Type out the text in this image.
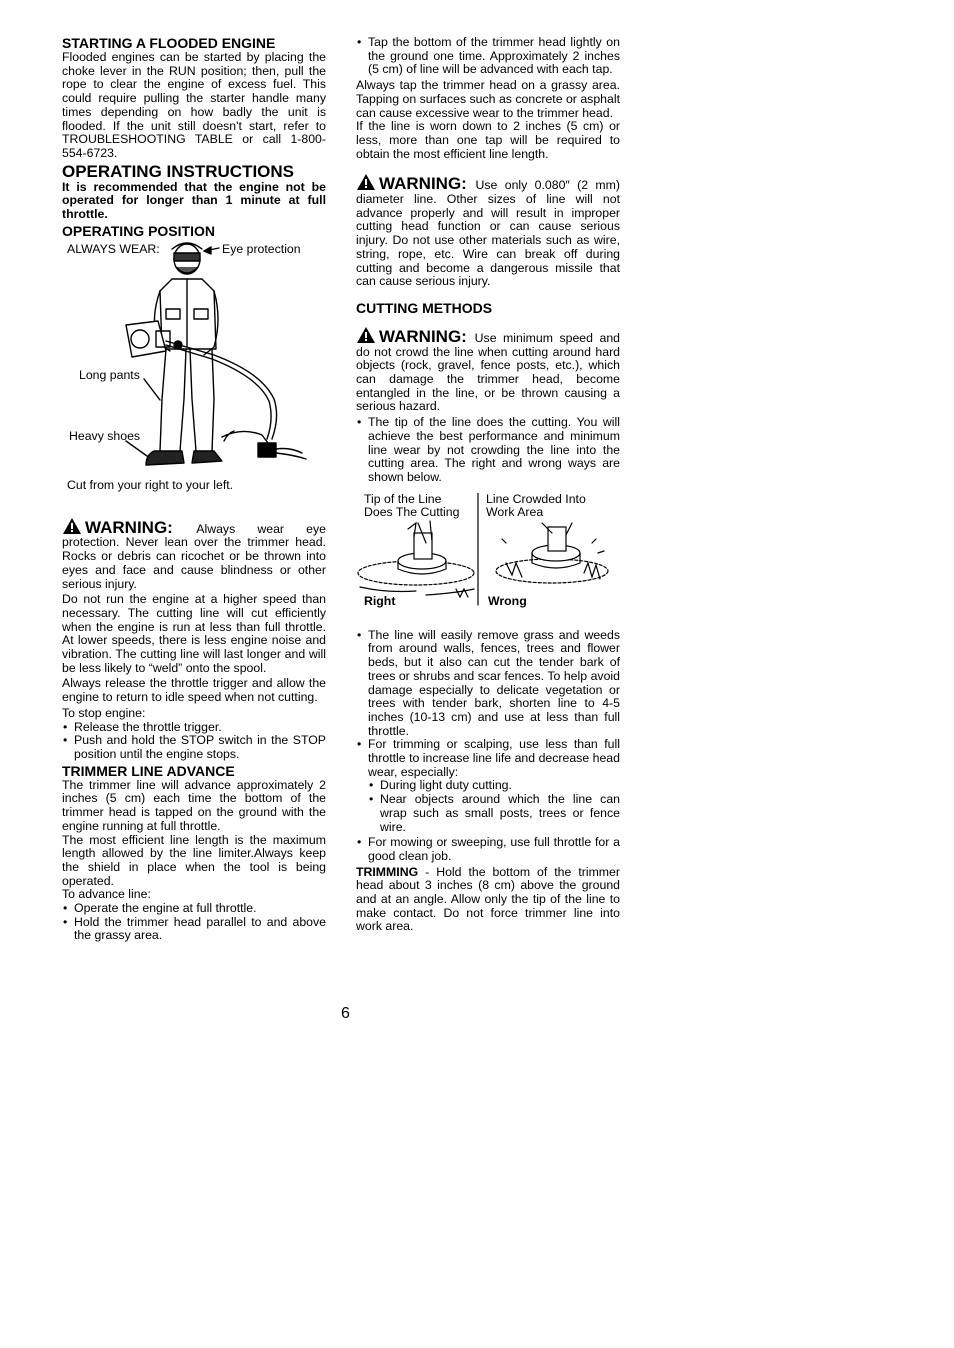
STARTING A FLOODED ENGINE

Flooded engines can be started by placing the choke lever in the RUN position; then, pull the rope to clear the engine of excess fuel. This could require pulling the starter handle many times depending on how badly the unit is flooded. If the unit still doesn't start, refer to TROUBLESHOOTING TABLE or call 1-800-554-6723.

OPERATING INSTRUCTIONS
It is recommended that the engine not be operated for longer than 1 minute at full throttle.
OPERATING POSITION
ALWAYS WEAR:	Eye protection
Long pants
Heavy shoes
Cut from your right to your left.

WARNING: Always wear eye protection. Never lean over the trimmer head. Rocks or debris can ricochet or be thrown into eyes and face and cause blindness or other serious injury.

Do not run the engine at a higher speed than necessary. The cutting line will cut efficiently when the engine is run at less than full throttle. At lower speeds, there is less engine noise and vibration. The cutting line will last longer and will be less likely to “weld” onto the spool.

Always release the throttle trigger and allow the engine to return to idle speed when not cutting.

To stop engine:
• Release the throttle trigger.
• Push and hold the STOP switch in the STOP position until the engine stops.
TRIMMER LINE ADVANCE

The trimmer line will advance approximately 2 inches (5 cm) each time the bottom of the trimmer head is tapped on the ground with the engine running at full throttle.

The most efficient line length is the maximum length allowed by the line limiter.Always keep the shield in place when the tool is being operated.

To advance line:
• Operate the engine at full throttle.
• Hold the trimmer head parallel to and above the grassy area.
• Tap the bottom of the trimmer head lightly on the ground one time. Approximately 2 inches (5 cm) of line will be advanced with each tap.

Always tap the trimmer head on a grassy area. Tapping on surfaces such as concrete or asphalt can cause excessive wear to the trimmer head.

If the line is worn down to 2 inches (5 cm) or less, more than one tap will be required to obtain the most efficient line length.

WARNING: Use only 0.080″ (2 mm) diameter line. Other sizes of line will not advance properly and will result in improper cutting head function or can cause serious injury. Do not use other materials such as wire, string, rope, etc. Wire can break off during cutting and become a dangerous missile that can cause serious injury.

CUTTING METHODS

WARNING: Use minimum speed and do not crowd the line when cutting around hard objects (rock, gravel, fence posts, etc.), which can damage the trimmer head, become entangled in the line, or be thrown causing a serious hazard.

• The tip of the line does the cutting. You will achieve the best performance and minimum line wear by not crowding the line into the cutting area. The right and wrong ways are shown below.
Tip of the Line
Does The Cutting
Line Crowded Into
Work Area
Right	Wrong
• The line will easily remove grass and weeds from around walls, fences, trees and flower beds, but it also can cut the tender bark of trees or shrubs and scar fences. To help avoid damage especially to delicate vegetation or trees with tender bark, shorten line to 4-5 inches (10-13 cm) and use at less than full throttle.
• For trimming or scalping, use less than full throttle to increase line life and decrease head wear, especially:
• During light duty cutting.
• Near objects around which the line can wrap such as small posts, trees or fence wire.
• For mowing or sweeping, use full throttle for a good clean job.

TRIMMING - Hold the bottom of the trimmer head about 3 inches (8 cm) above the ground and at an angle. Allow only the tip of the line to make contact. Do not force trimmer line into work area.

6
